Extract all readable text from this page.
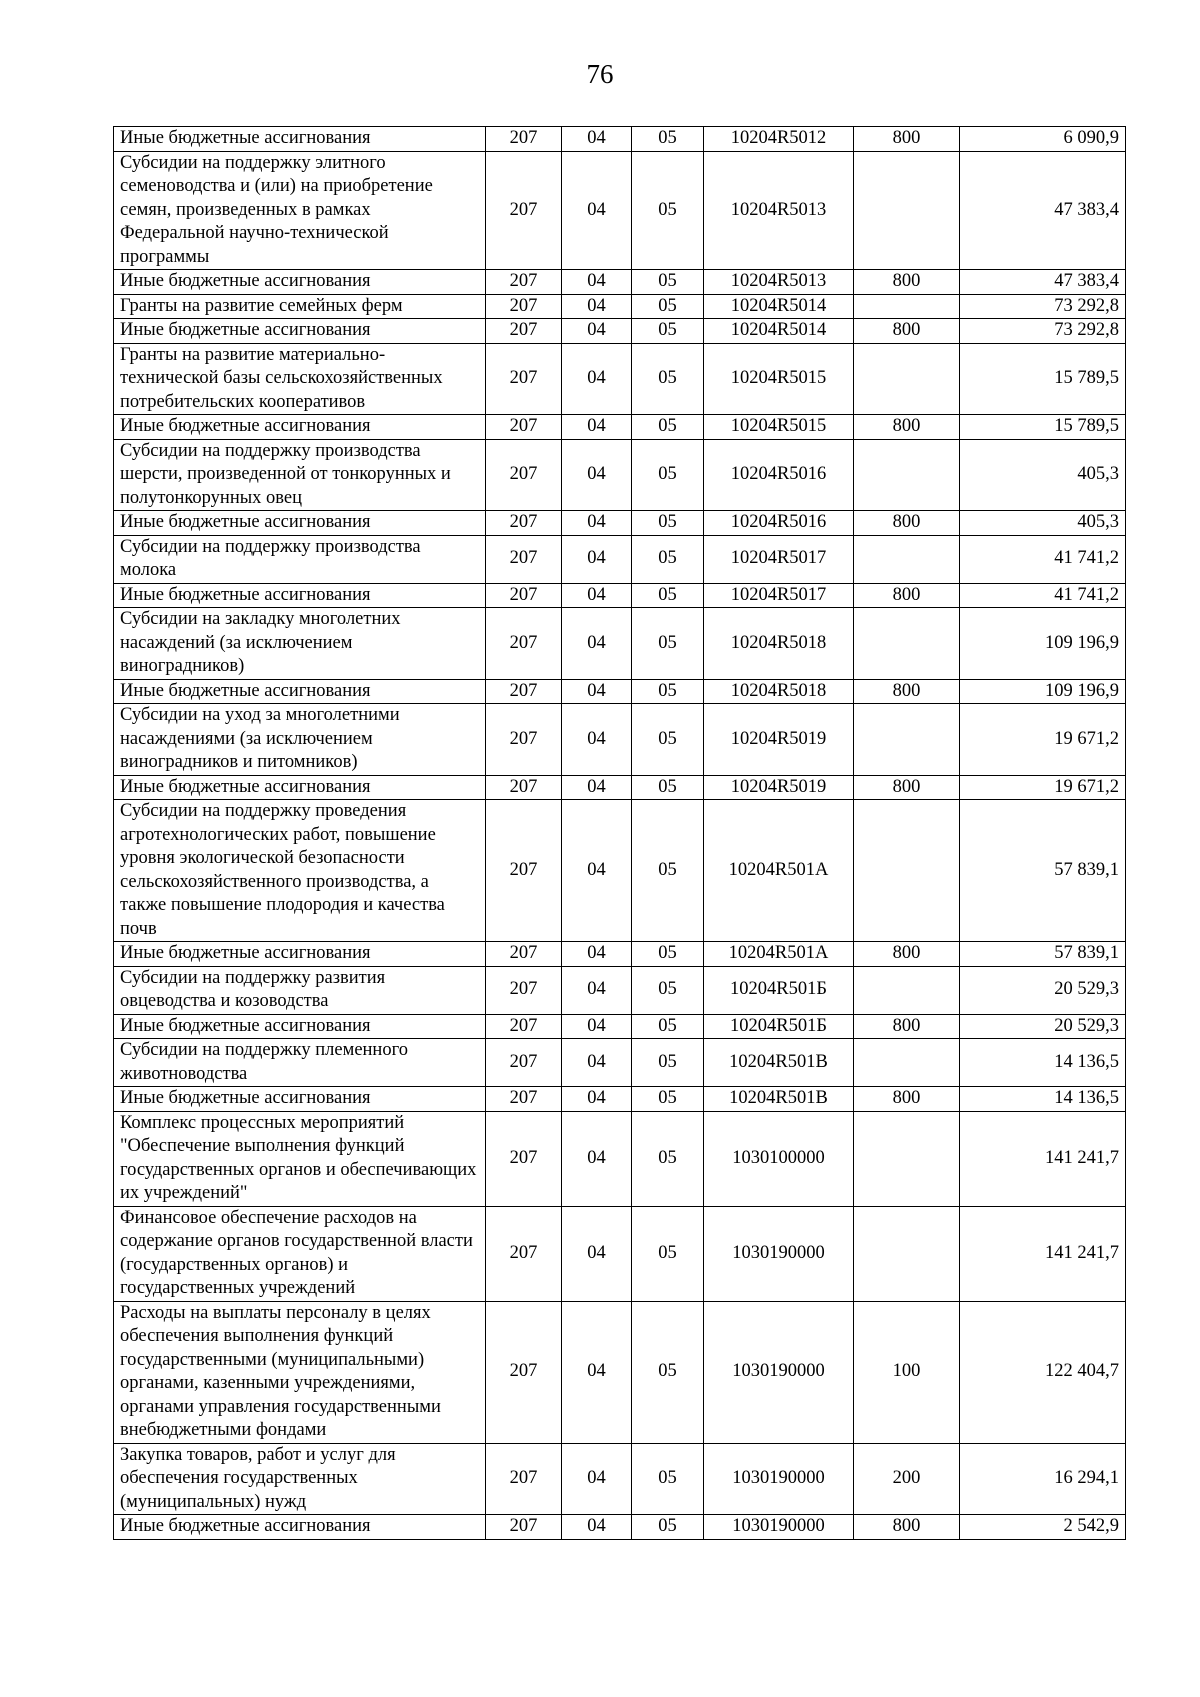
76
Иные бюджетные ассигнования	207	04	05	10204R5012	800	6 090,9
Субсидии на поддержку элитного семеноводства и (или) на приобретение семян, произведенных в рамках Федеральной научно-технической программы	207	04	05	10204R5013		47 383,4
Иные бюджетные ассигнования	207	04	05	10204R5013	800	47 383,4
Гранты на развитие семейных ферм	207	04	05	10204R5014		73 292,8
Иные бюджетные ассигнования	207	04	05	10204R5014	800	73 292,8
Гранты на развитие материально-технической базы сельскохозяйственных потребительских кооперативов	207	04	05	10204R5015		15 789,5
Иные бюджетные ассигнования	207	04	05	10204R5015	800	15 789,5
Субсидии на поддержку производства шерсти, произведенной от тонкорунных и полутонкорунных овец	207	04	05	10204R5016		405,3
Иные бюджетные ассигнования	207	04	05	10204R5016	800	405,3
Субсидии на поддержку производства молока	207	04	05	10204R5017		41 741,2
Иные бюджетные ассигнования	207	04	05	10204R5017	800	41 741,2
Субсидии на закладку многолетних насаждений (за исключением виноградников)	207	04	05	10204R5018		109 196,9
Иные бюджетные ассигнования	207	04	05	10204R5018	800	109 196,9
Субсидии на уход за многолетними насаждениями (за исключением виноградников и питомников)	207	04	05	10204R5019		19 671,2
Иные бюджетные ассигнования	207	04	05	10204R5019	800	19 671,2
Субсидии на поддержку проведения агротехнологических работ, повышение уровня экологической безопасности сельскохозяйственного производства, а также повышение плодородия и качества почв	207	04	05	10204R501A		57 839,1
Иные бюджетные ассигнования	207	04	05	10204R501A	800	57 839,1
Субсидии на поддержку развития овцеводства и козоводства	207	04	05	10204R501Б		20 529,3
Иные бюджетные ассигнования	207	04	05	10204R501Б	800	20 529,3
Субсидии на поддержку племенного животноводства	207	04	05	10204R501В		14 136,5
Иные бюджетные ассигнования	207	04	05	10204R501В	800	14 136,5
Комплекс процессных мероприятий "Обеспечение выполнения функций государственных органов и обеспечивающих их учреждений"	207	04	05	1030100000		141 241,7
Финансовое обеспечение расходов на содержание органов государственной власти (государственных органов) и государственных учреждений	207	04	05	1030190000		141 241,7
Расходы на выплаты персоналу в целях обеспечения выполнения функций государственными (муниципальными) органами, казенными учреждениями, органами управления государственными внебюджетными фондами	207	04	05	1030190000	100	122 404,7
Закупка товаров, работ и услуг для обеспечения государственных (муниципальных) нужд	207	04	05	1030190000	200	16 294,1
Иные бюджетные ассигнования	207	04	05	1030190000	800	2 542,9
